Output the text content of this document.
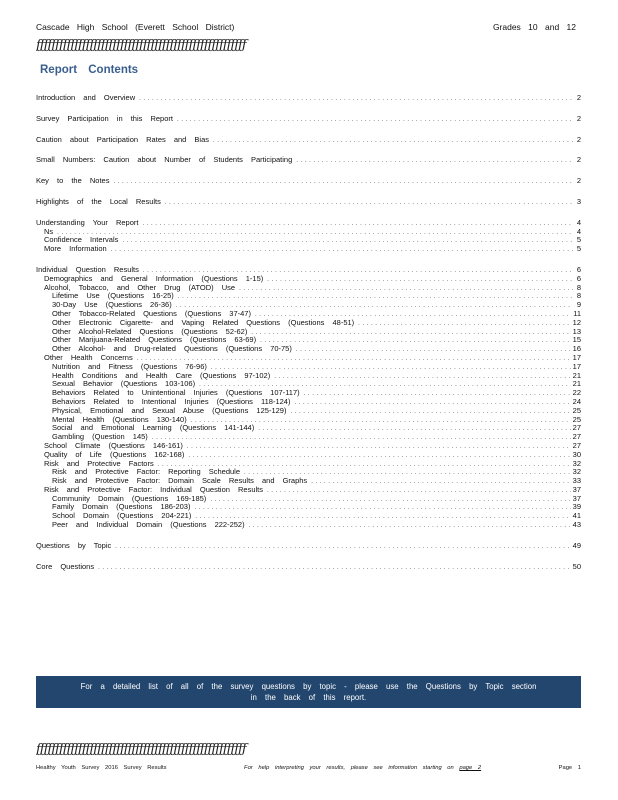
Cascade High School (Everett School District)	Grades 10 and 12
ƒƒƒƒƒƒƒƒƒƒƒƒƒƒƒƒƒƒƒƒƒƒƒƒƒƒƒƒƒƒƒƒƒƒƒƒƒƒƒƒƒƒƒƒƒƒƒƒƒƒƒƒƒƒƒ
Report Contents
Introduction and Overview .....	2
Survey Participation in this Report .....	2
Caution about Participation Rates and Bias .....	2
Small Numbers: Caution about Number of Students Participating .....	2
Key to the Notes .....	2
Highlights of the Local Results .....	3
Understanding Your Report .....	4
Ns .....	4
Confidence Intervals .....	5
More Information .....	5
Individual Question Results .....	6
Demographics and General Information (Questions 1-15) .....	6
Alcohol, Tobacco, and Other Drug (ATOD) Use .....	8
Lifetime Use (Questions 16-25) .....	8
30-Day Use (Questions 26-36) .....	9
Other Tobacco-Related Questions (Questions 37-47) .....	11
Other Electronic Cigarette- and Vaping Related Questions (Questions 48-51) .....	12
Other Alcohol-Related Questions (Questions 52-62) .....	13
Other Marijuana-Related Questions (Questions 63-69) .....	15
Other Alcohol- and Drug-related Questions (Questions 70-75) .....	16
Other Health Concerns .....	17
Nutrition and Fitness (Questions 76-96) .....	17
Health Conditions and Health Care (Questions 97-102) .....	21
Sexual Behavior (Questions 103-106) .....	21
Behaviors Related to Unintentional Injuries (Questions 107-117) .....	22
Behaviors Related to Intentional Injuries (Questions 118-124) .....	24
Physical, Emotional and Sexual Abuse (Questions 125-129) .....	25
Mental Health (Questions 130-140) .....	25
Social and Emotional Learning (Questions 141-144) .....	27
Gambling (Question 145) .....	27
School Climate (Questions 146-161) .....	27
Quality of Life (Questions 162-168) .....	30
Risk and Protective Factors .....	32
Risk and Protective Factor: Reporting Schedule .....	32
Risk and Protective Factor: Domain Scale Results and Graphs .....	33
Risk and Protective Factor: Individual Question Results .....	37
Community Domain (Questions 169-185) .....	37
Family Domain (Questions 186-203) .....	39
School Domain (Questions 204-221) .....	41
Peer and Individual Domain (Questions 222-252) .....	43
Questions by Topic .....	49
Core Questions .....	50
For a detailed list of all of the survey questions by topic - please use the Questions by Topic section
in the back of this report.
ƒƒƒƒƒƒƒƒƒƒƒƒƒƒƒƒƒƒƒƒƒƒƒƒƒƒƒƒƒƒƒƒƒƒƒƒƒƒƒƒƒƒƒƒƒƒƒƒƒƒƒƒƒƒƒ
Healthy Youth Survey 2016 Survey Results	For help interpreting your results, please see information starting on page 2	Page 1
